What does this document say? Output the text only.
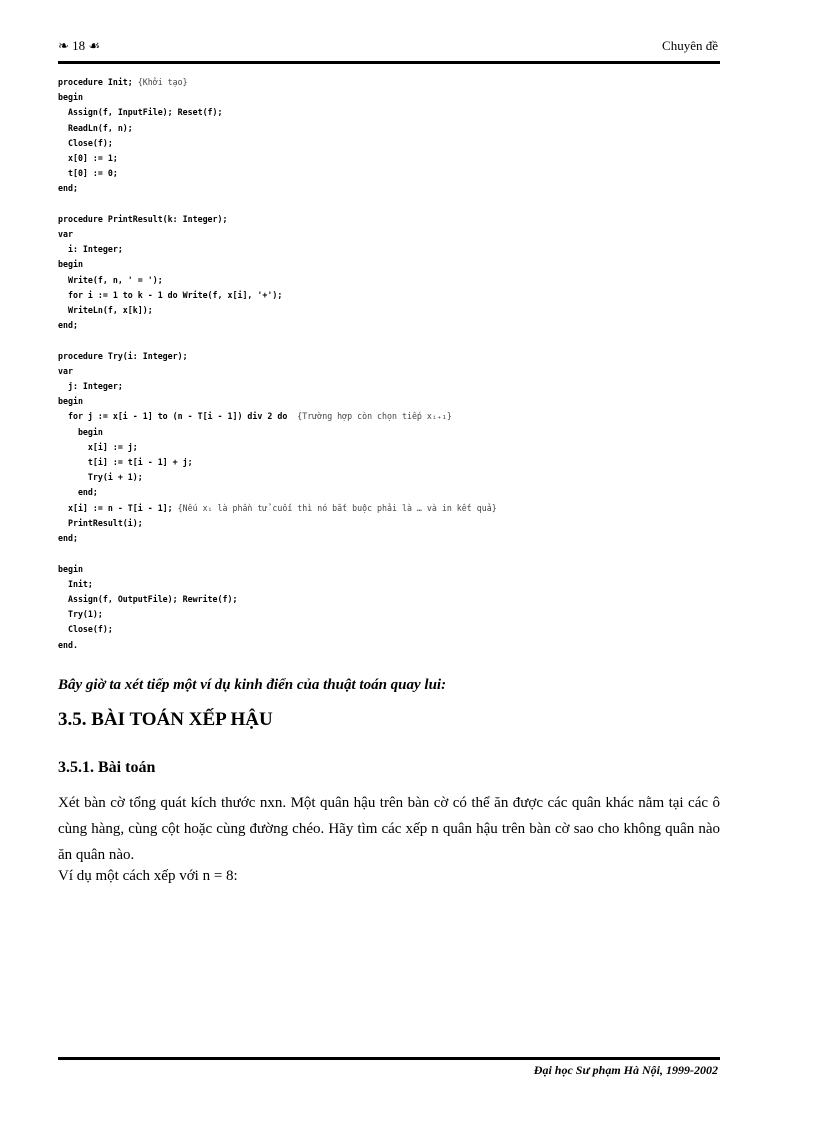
❧ 18 ☙	Chuyên đề
procedure Init; {Khởi tạo}
begin
Assign(f, InputFile); Reset(f);
ReadLn(f, n);
Close(f);
x[0] := 1;
t[0] := 0;
end;

procedure PrintResult(k: Integer);
var
i: Integer;
begin
Write(f, n, ' = ');
for i := 1 to k - 1 do Write(f, x[i], '+');
WriteLn(f, x[k]);
end;

procedure Try(i: Integer);
var
j: Integer;
begin
for j := x[i - 1] to (n - T[i - 1]) div 2 do  {Trường hợp còn chọn tiếp xᵢ₊₁}
begin
x[i] := j;
t[i] := t[i - 1] + j;
Try(i + 1);
end;
x[i] := n - T[i - 1]; {Nếu xᵢ là phần tử cuối thì nó bắt buộc phải là … và in kết quả}
PrintResult(i);
end;

begin
Init;
Assign(f, OutputFile); Rewrite(f);
Try(1);
Close(f);
end.

Bây giờ ta xét tiếp một ví dụ kinh điển của thuật toán quay lui:
3.5. BÀI TOÁN XẾP HẬU
3.5.1. Bài toán

Xét bàn cờ tổng quát kích thước nxn. Một quân hậu trên bàn cờ có thể ăn được các quân khác nằm tại các ô cùng hàng, cùng cột hoặc cùng đường chéo. Hãy tìm các xếp n quân hậu trên bàn cờ sao cho không quân nào ăn quân nào.

Ví dụ một cách xếp với n = 8:
Đại học Sư phạm Hà Nội, 1999-2002
